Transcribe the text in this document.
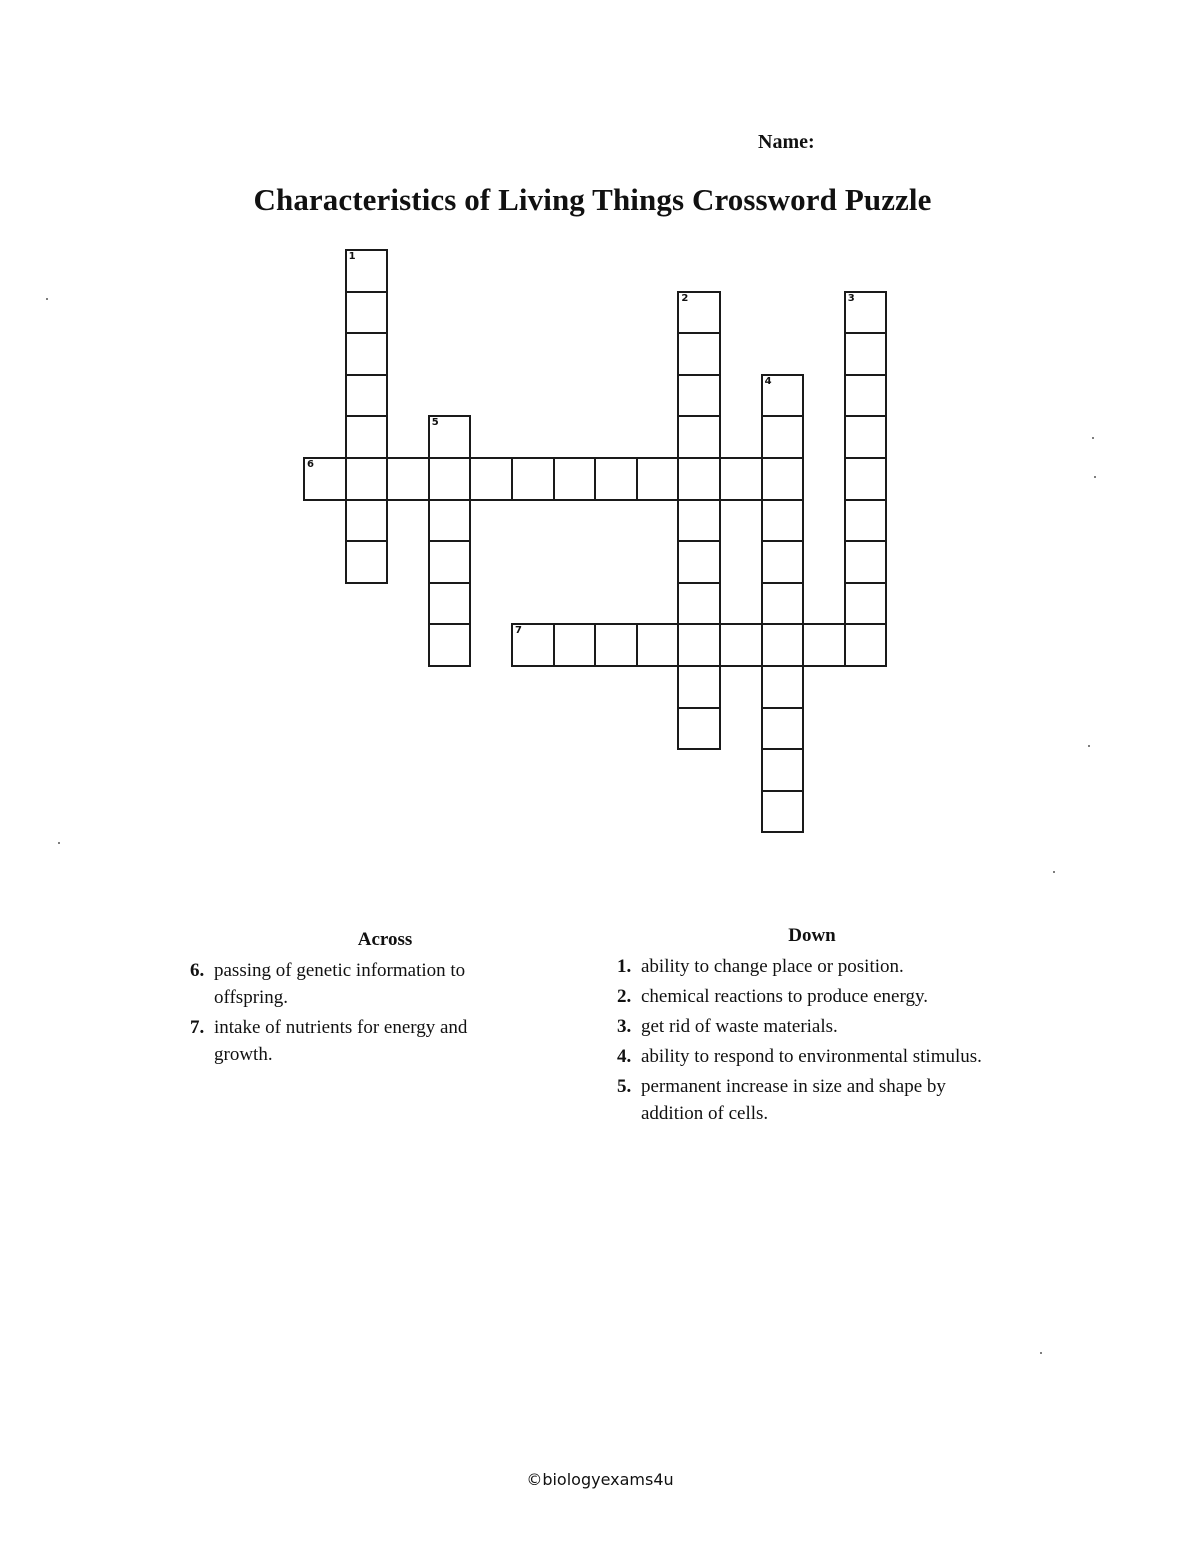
Name:
Characteristics of Living Things Crossword Puzzle
1
2	3
4
5
6
7
Across
6. passing of genetic information to offspring.
7. intake of nutrients for energy and growth.
Down
1. ability to change place or position.
2. chemical reactions to produce energy.
3. get rid of waste materials.
4. ability to respond to environmental stimulus.
5. permanent increase in size and shape by addition of cells.
©biologyexams4u
